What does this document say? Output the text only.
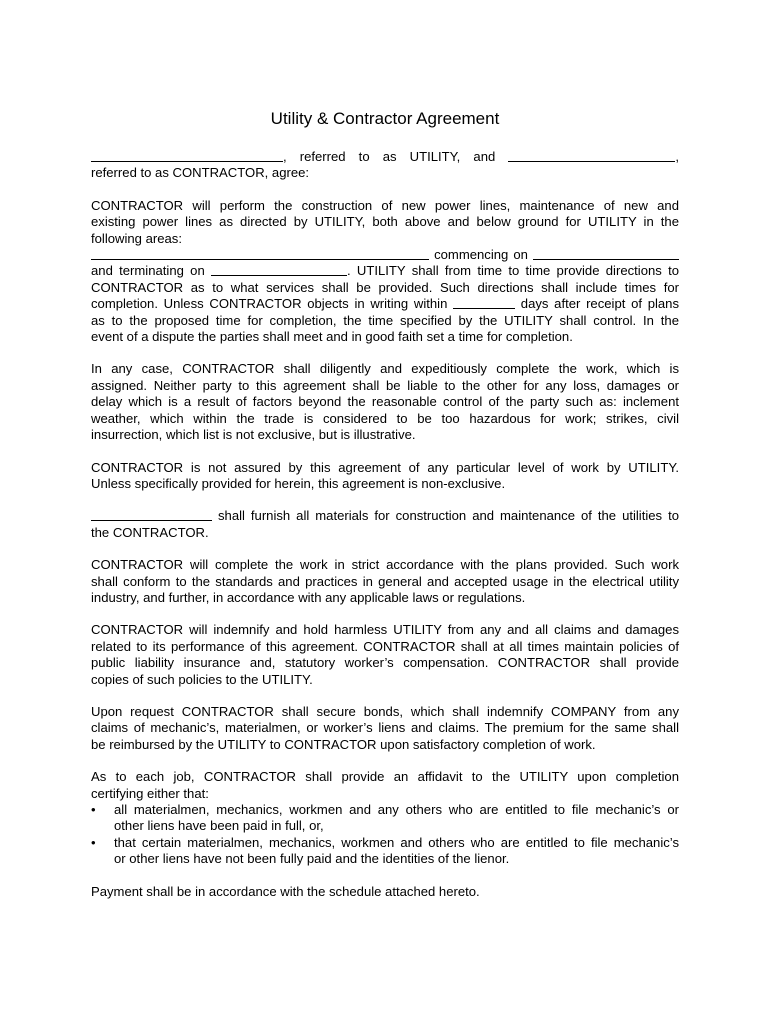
Utility & Contractor Agreement
, referred to as UTILITY, and	,
referred to as CONTRACTOR, agree:
CONTRACTOR will perform the construction of new power lines, maintenance of new and
existing power lines as directed by UTILITY, both above and below ground for UTILITY in the
following areas:
commencing on
and terminating on	. UTILITY shall from time to time provide directions to
CONTRACTOR as to what services shall be provided. Such directions shall include times for
completion. Unless CONTRACTOR objects in writing within	days after receipt of plans
as to the proposed time for completion, the time specified by the UTILITY shall control. In the
event of a dispute the parties shall meet and in good faith set a time for completion.
In any case, CONTRACTOR shall diligently and expeditiously complete the work, which is
assigned. Neither party to this agreement shall be liable to the other for any loss, damages or
delay which is a result of factors beyond the reasonable control of the party such as: inclement
weather, which within the trade is considered to be too hazardous for work; strikes, civil
insurrection, which list is not exclusive, but is illustrative.
CONTRACTOR is not assured by this agreement of any particular level of work by UTILITY.
Unless specifically provided for herein, this agreement is non-exclusive.
shall furnish all materials for construction and maintenance of the utilities to
the CONTRACTOR.
CONTRACTOR will complete the work in strict accordance with the plans provided. Such work
shall conform to the standards and practices in general and accepted usage in the electrical utility
industry, and further, in accordance with any applicable laws or regulations.
CONTRACTOR will indemnify and hold harmless UTILITY from any and all claims and damages
related to its performance of this agreement. CONTRACTOR shall at all times maintain policies of
public liability insurance and, statutory worker’s compensation. CONTRACTOR shall provide
copies of such policies to the UTILITY.
Upon request CONTRACTOR shall secure bonds, which shall indemnify COMPANY from any
claims of mechanic’s, materialmen, or worker’s liens and claims. The premium for the same shall
be reimbursed by the UTILITY to CONTRACTOR upon satisfactory completion of work.
As to each job, CONTRACTOR shall provide an affidavit to the UTILITY upon completion
certifying either that:
• all materialmen, mechanics, workmen and any others who are entitled to file mechanic’s or
other liens have been paid in full, or,
• that certain materialmen, mechanics, workmen and others who are entitled to file mechanic’s
or other liens have not been fully paid and the identities of the lienor.
Payment shall be in accordance with the schedule attached hereto.
